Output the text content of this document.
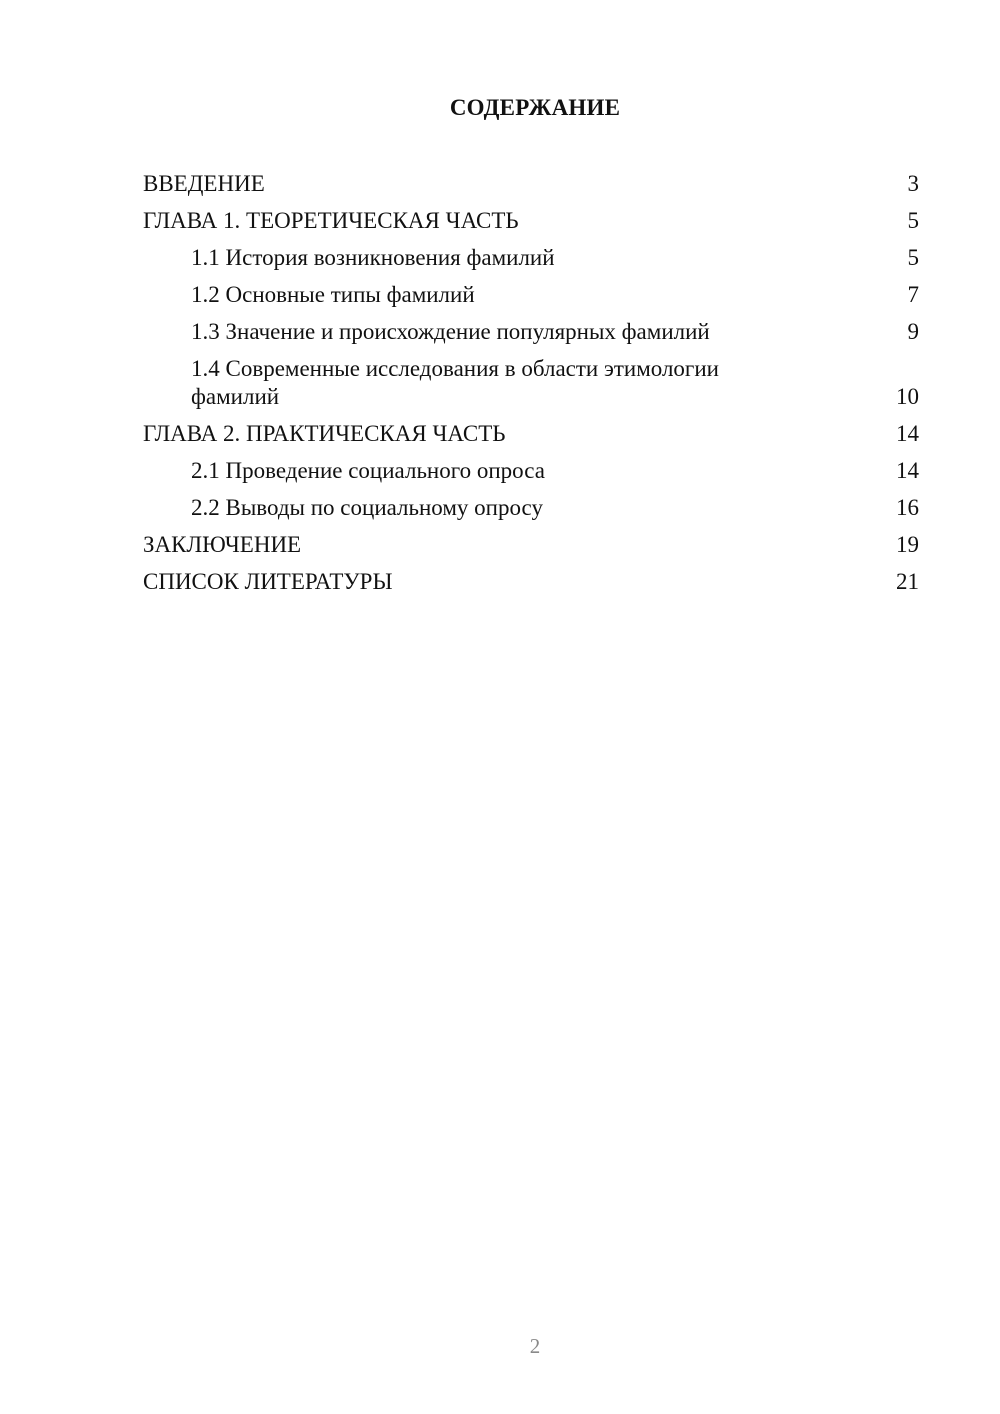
СОДЕРЖАНИЕ
ВВЕДЕНИЕ	3
ГЛАВА 1. ТЕОРЕТИЧЕСКАЯ ЧАСТЬ	5
1.1 История возникновения фамилий	5
1.2 Основные типы фамилий	7
1.3 Значение и происхождение популярных фамилий	9
1.4 Современные исследования в области этимологии фамилий	10
ГЛАВА 2. ПРАКТИЧЕСКАЯ ЧАСТЬ	14
2.1 Проведение социального опроса	14
2.2 Выводы по социальному опросу	16
ЗАКЛЮЧЕНИЕ	19
СПИСОК ЛИТЕРАТУРЫ	21
2
